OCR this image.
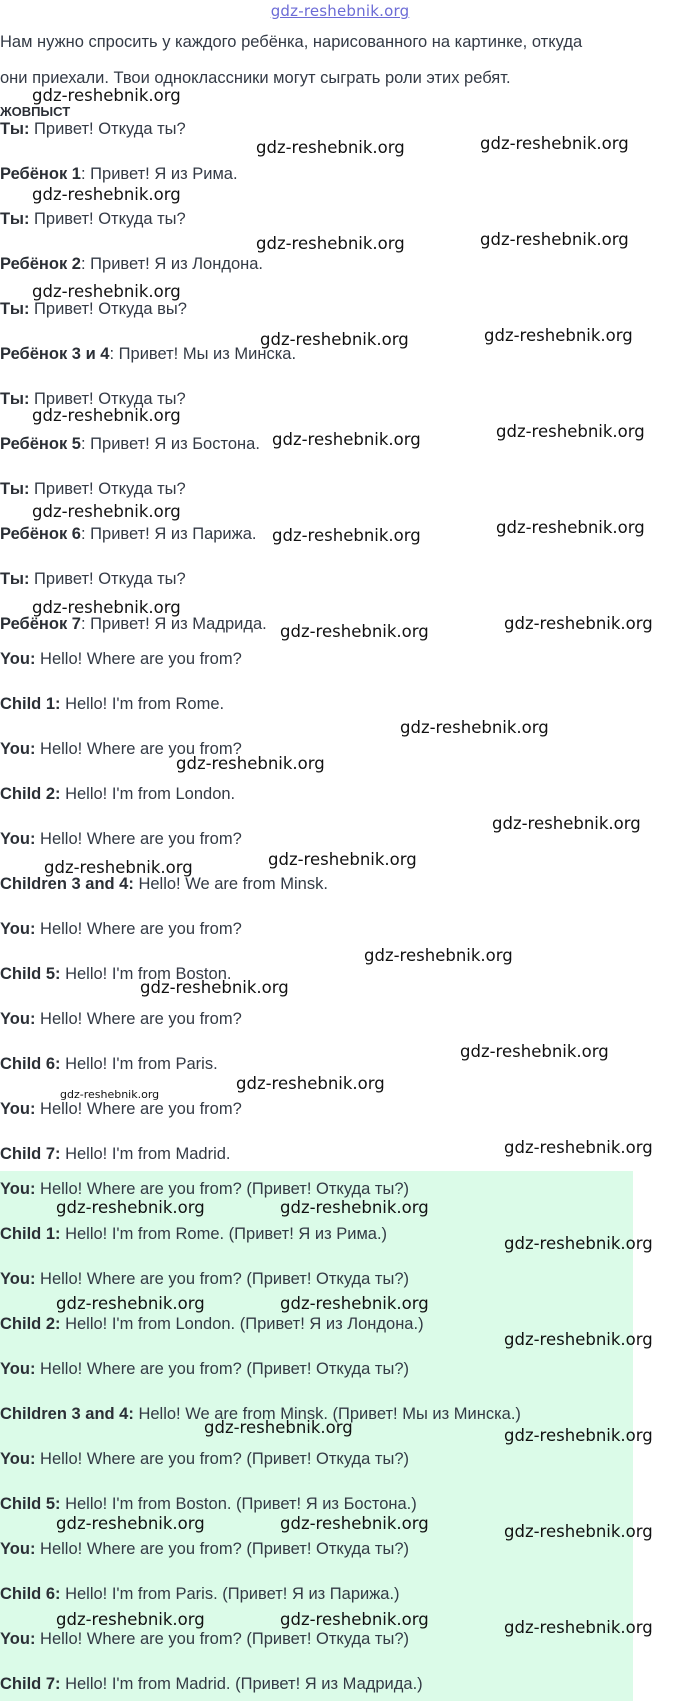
gdz-reshebnik.org
Нам нужно спросить у каждого ребёнка, нарисованного на картинке, откуда
они приехали. Твои одноклассники могут сыграть роли этих ребят.
ЖОВПЫСТ
Ты: Привет! Откуда ты?
Ребёнок 1: Привет! Я из Рима.
Ты: Привет! Откуда ты?
Ребёнок 2: Привет! Я из Лондона.
Ты: Привет! Откуда вы?
Ребёнок 3 и 4: Привет! Мы из Минска.
Ты: Привет! Откуда ты?
Ребёнок 5: Привет! Я из Бостона.
Ты: Привет! Откуда ты?
Ребёнок 6: Привет! Я из Парижа.
Ты: Привет! Откуда ты?
Ребёнок 7: Привет! Я из Мадрида.
You: Hello! Where are you from?
Child 1: Hello! I'm from Rome.
You: Hello! Where are you from?
Child 2: Hello! I'm from London.
You: Hello! Where are you from?
Children 3 and 4: Hello! We are from Minsk.
You: Hello! Where are you from?
Child 5: Hello! I'm from Boston.
You: Hello! Where are you from?
Child 6: Hello! I'm from Paris.
You: Hello! Where are you from?
Child 7: Hello! I'm from Madrid.
You: Hello! Where are you from? (Привет! Откуда ты?)
Child 1: Hello! I'm from Rome. (Привет! Я из Рима.)
You: Hello! Where are you from? (Привет! Откуда ты?)
Child 2: Hello! I'm from London. (Привет! Я из Лондона.)
You: Hello! Where are you from? (Привет! Откуда ты?)
Children 3 and 4: Hello! We are from Minsk. (Привет! Мы из Минска.)
You: Hello! Where are you from? (Привет! Откуда ты?)
Child 5: Hello! I'm from Boston. (Привет! Я из Бостона.)
You: Hello! Where are you from? (Привет! Откуда ты?)
Child 6: Hello! I'm from Paris. (Привет! Я из Парижа.)
You: Hello! Where are you from? (Привет! Откуда ты?)
Child 7: Hello! I'm from Madrid. (Привет! Я из Мадрида.)
gdz-reshebnik.org
gdz-reshebnik.org	gdz-reshebnik.org
gdz-reshebnik.org
gdz-reshebnik.org	gdz-reshebnik.org
gdz-reshebnik.org
gdz-reshebnik.org	gdz-reshebnik.org
gdz-reshebnik.org
gdz-reshebnik.org	gdz-reshebnik.org
gdz-reshebnik.org
gdz-reshebnik.org	gdz-reshebnik.org
gdz-reshebnik.org
gdz-reshebnik.org	gdz-reshebnik.org
gdz-reshebnik.org
gdz-reshebnik.org
gdz-reshebnik.org
gdz-reshebnik.org	gdz-reshebnik.org
gdz-reshebnik.org
gdz-reshebnik.org
gdz-reshebnik.org
gdz-reshebnik.org
gdz-reshebnik.org
gdz-reshebnik.org
gdz-reshebnik.org	gdz-reshebnik.org
gdz-reshebnik.org
gdz-reshebnik.org	gdz-reshebnik.org
gdz-reshebnik.org
gdz-reshebnik.org	gdz-reshebnik.org
gdz-reshebnik.org	gdz-reshebnik.org	gdz-reshebnik.org
gdz-reshebnik.org	gdz-reshebnik.org	gdz-reshebnik.org
